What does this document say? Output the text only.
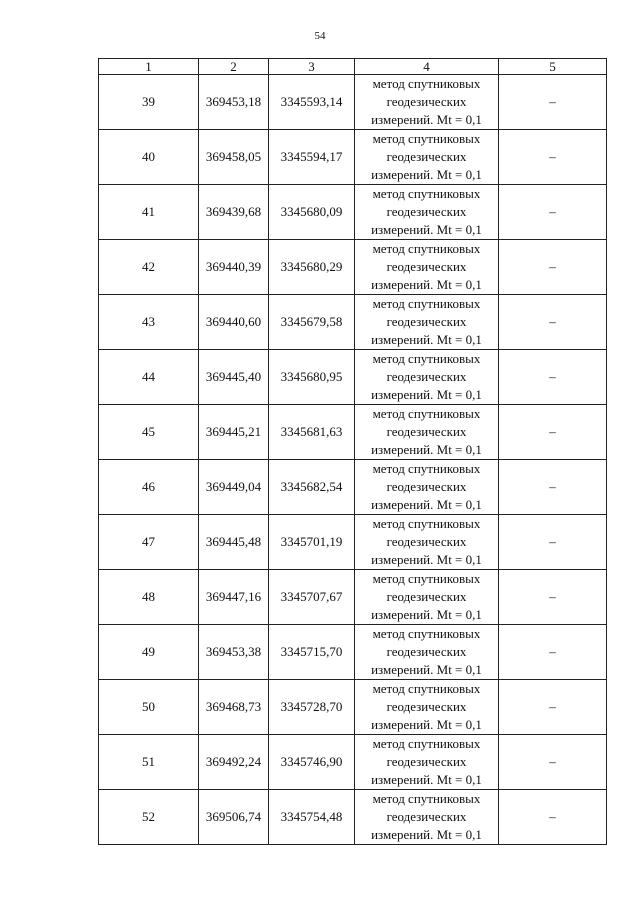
54
1	2	3	4	5
39	369453,18	3345593,14	метод спутниковых
геодезических
измерений. Mt = 0,1	–
40	369458,05	3345594,17	метод спутниковых
геодезических
измерений. Mt = 0,1	–
41	369439,68	3345680,09	метод спутниковых
геодезических
измерений. Mt = 0,1	–
42	369440,39	3345680,29	метод спутниковых
геодезических
измерений. Mt = 0,1	–
43	369440,60	3345679,58	метод спутниковых
геодезических
измерений. Mt = 0,1	–
44	369445,40	3345680,95	метод спутниковых
геодезических
измерений. Mt = 0,1	–
45	369445,21	3345681,63	метод спутниковых
геодезических
измерений. Mt = 0,1	–
46	369449,04	3345682,54	метод спутниковых
геодезических
измерений. Mt = 0,1	–
47	369445,48	3345701,19	метод спутниковых
геодезических
измерений. Mt = 0,1	–
48	369447,16	3345707,67	метод спутниковых
геодезических
измерений. Mt = 0,1	–
49	369453,38	3345715,70	метод спутниковых
геодезических
измерений. Mt = 0,1	–
50	369468,73	3345728,70	метод спутниковых
геодезических
измерений. Mt = 0,1	–
51	369492,24	3345746,90	метод спутниковых
геодезических
измерений. Mt = 0,1	–
52	369506,74	3345754,48	метод спутниковых
геодезических
измерений. Mt = 0,1	–
